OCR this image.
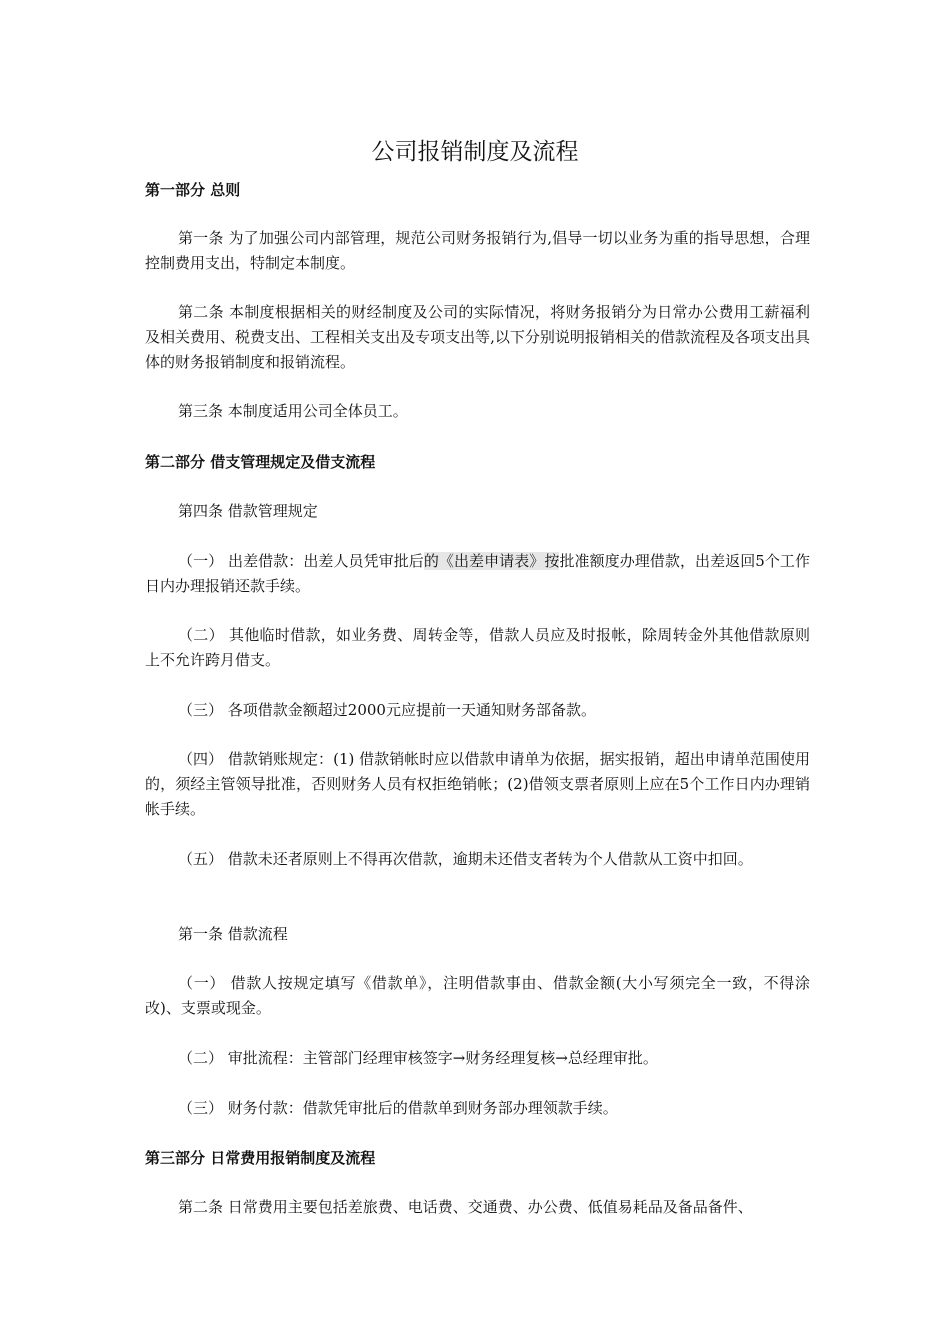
公司报销制度及流程
第一部分 总则
第一条 为了加强公司内部管理，规范公司财务报销行为,倡导一切以业务为重的指导思想，合理控制费用支出，特制定本制度。
第二条 本制度根据相关的财经制度及公司的实际情况，将财务报销分为日常办公费用工薪福利及相关费用、税费支出、工程相关支出及专项支出等,以下分别说明报销相关的借款流程及各项支出具体的财务报销制度和报销流程。
第三条 本制度适用公司全体员工。
第二部分 借支管理规定及借支流程
第四条 借款管理规定
（一） 出差借款：出差人员凭审批后的《出差申请表》按批准额度办理借款，出差返回5个工作日内办理报销还款手续。
（二） 其他临时借款，如业务费、周转金等，借款人员应及时报帐，除周转金外其他借款原则上不允许跨月借支。
（三） 各项借款金额超过2000元应提前一天通知财务部备款。
（四） 借款销账规定：(1) 借款销帐时应以借款申请单为依据，据实报销，超出申请单范围使用的，须经主管领导批准，否则财务人员有权拒绝销帐；(2)借领支票者原则上应在5个工作日内办理销帐手续。
（五） 借款未还者原则上不得再次借款，逾期未还借支者转为个人借款从工资中扣回。
第一条 借款流程
（一） 借款人按规定填写《借款单》，注明借款事由、借款金额(大小写须完全一致，不得涂改)、支票或现金。
（二） 审批流程：主管部门经理审核签字→财务经理复核→总经理审批。
（三） 财务付款：借款凭审批后的借款单到财务部办理领款手续。
第三部分 日常费用报销制度及流程
第二条 日常费用主要包括差旅费、电话费、交通费、办公费、低值易耗品及备品备件、
